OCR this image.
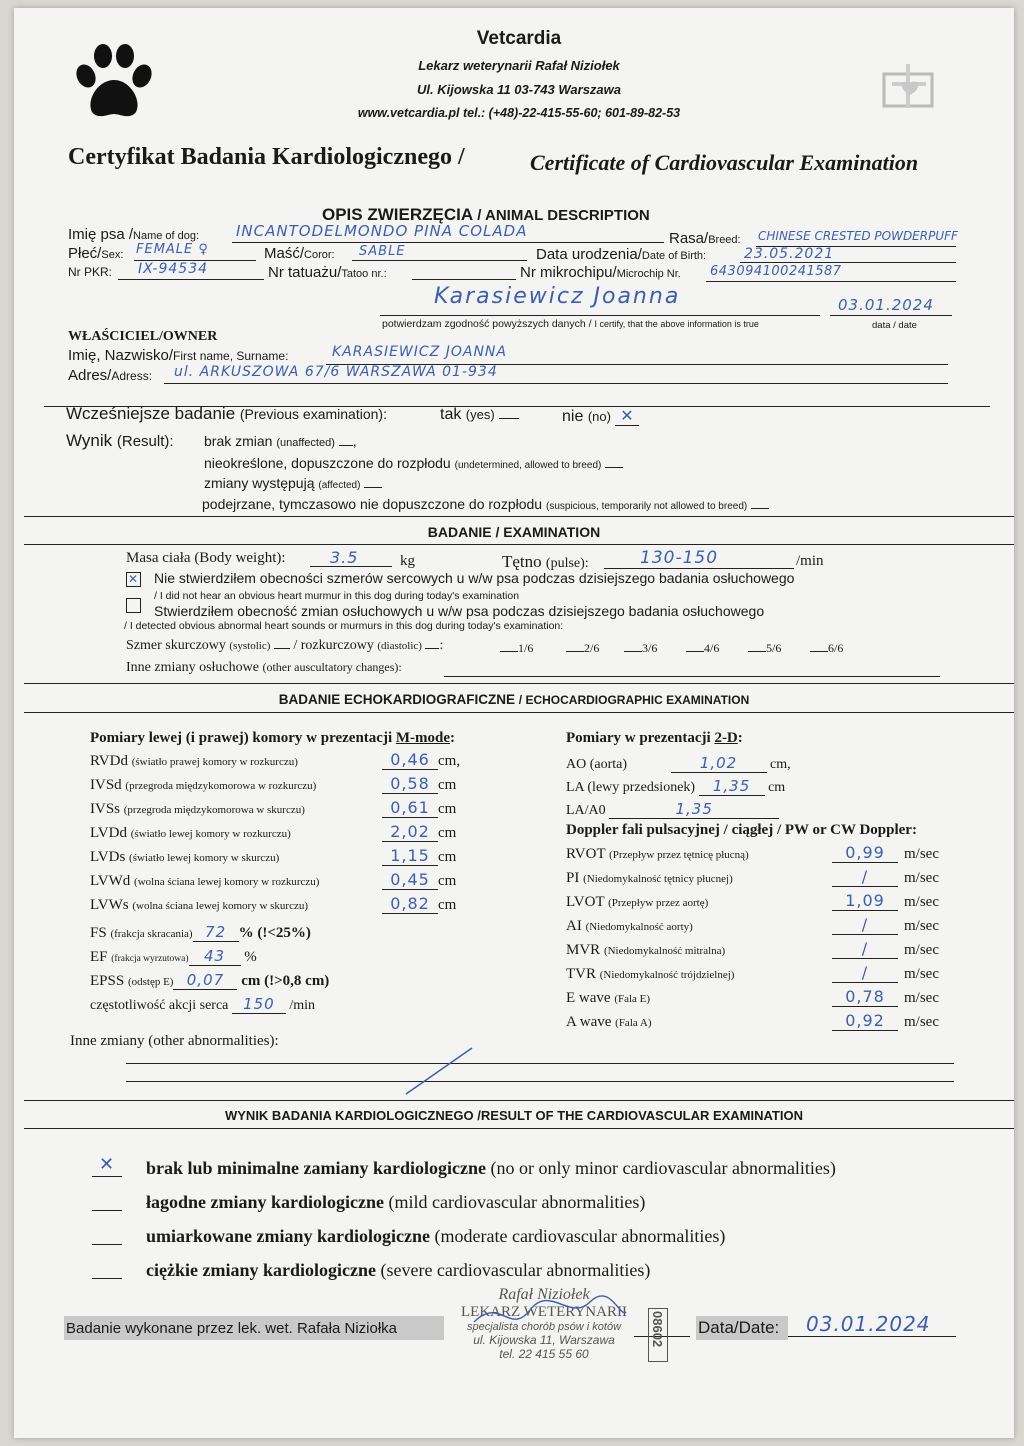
Vetcardia
Lekarz weterynarii Rafał Niziołek
Ul. Kijowska 11 03-743 Warszawa
www.vetcardia.pl tel.: (+48)-22-415-55-60; 601-89-82-53
Certyfikat Badania Kardiologicznego /	Certificate of Cardiovascular Examination
OPIS ZWIERZĘCIA / ANIMAL DESCRIPTION
Imię psa /Name of dog: INCANTODELMONDO PINA COLADA	Rasa/Breed: CHINESE CRESTED POWDERPUFF
Płeć/Sex: FEMALE ♀	Maść/Coror: SABLE	Data urodzenia/Date of Birth:	23.05.2021
Nr PKR: IX-94534	Nr tatuażu/Tatoo nr.:	Nr mikrochipu/Microchip Nr. 643094100241587
Karasiewicz Joanna	03.01.2024
potwierdzam zgodność powyższych danych / I certify, that the above information is true	data / date
WŁAŚCICIEL/OWNER
Imię, Nazwisko/First name, Surname:	KARASIEWICZ JOANNA
Adres/Adress: ul. ARKUSZOWA 67/6 WARSZAWA 01-934
Wcześniejsze badanie (Previous examination):	tak (yes)	nie (no) ✕
Wynik (Result): brak zmian (unaffected) ,
nieokreślone, dopuszczone do rozpłodu (undetermined, allowed to breed)
zmiany występują (affected)
podejrzane, tymczasowo nie dopuszczone do rozpłodu (suspicious, temporarily not allowed to breed)
BADANIE / EXAMINATION
Masa ciała (Body weight):	3.5	kg	Tętno (pulse):	130-150	/min
✕ Nie stwierdziłem obecności szmerów sercowych u w/w psa podczas dzisiejszego badania osłuchowego
/ I did not hear an obvious heart murmur in this dog during today's examination
Stwierdziłem obecność zmian osłuchowych u w/w psa podczas dzisiejszego badania osłuchowego
/ I detected obvious abnormal heart sounds or murmurs in this dog during today's examination:
Szmer skurczowy (systolic) / rozkurczowy (diastolic) :	1/6	2/6	3/6	4/6	5/6	6/6
Inne zmiany osłuchowe (other auscultatory changes):
BADANIE ECHOKARDIOGRAFICZNE / ECHOCARDIOGRAPHIC EXAMINATION
Pomiary lewej (i prawej) komory w prezentacji M-mode:
RVDd (światło prawej komory w rozkurczu)	0,46 cm,
IVSd (przegroda międzykomorowa w rozkurczu)	0,58 cm
IVSs (przegroda międzykomorowa w skurczu)	0,61 cm
LVDd (światło lewej komory w rozkurczu)	2,02 cm
LVDs (światło lewej komory w skurczu)	1,15 cm
LVWd (wolna ściana lewej komory w rozkurczu)	0,45 cm
LVWs (wolna ściana lewej komory w skurczu)	0,82 cm
FS (frakcja skracania) 72 % (!<25%)
EF (frakcja wyrzutowa) 43 %
EPSS (odstęp E) 0,07 cm (!>0,8 cm)
częstotliwość akcji serca 150 /min
Pomiary w prezentacji 2-D:
AO (aorta)	1,02 cm,
LA (lewy przedsionek) 1,35 cm
LA/A0	1,35
Doppler fali pulsacyjnej / ciągłej / PW or CW Doppler:
RVOT (Przepływ przez tętnicę płucną)	0,99	m/sec
PI (Niedomykalność tętnicy płucnej)	/	m/sec
LVOT (Przepływ przez aortę)	1,09	m/sec
AI (Niedomykalność aorty)	/	m/sec
MVR (Niedomykalność mitralna)	/	m/sec
TVR (Niedomykalność trójdzielnej)	/	m/sec
E wave (Fala E)	0,78	m/sec
A wave (Fala A)	0,92	m/sec
Inne zmiany (other abnormalities):
WYNIK BADANIA KARDIOLOGICZNEGO /RESULT OF THE CARDIOVASCULAR EXAMINATION
✕	brak lub minimalne zamiany kardiologiczne (no or only minor cardiovascular abnormalities)
łagodne zmiany kardiologiczne (mild cardiovascular abnormalities)
umiarkowane zmiany kardiologiczne (moderate cardiovascular abnormalities)
ciężkie zmiany kardiologiczne (severe cardiovascular abnormalities)
Badanie wykonane przez lek. wet. Rafała Niziołka	Data/Date: 03.01.2024
Rafał Niziołek
LEKARZ WETERYNARII
specjalista chorób psów i kotów
ul. Kijowska 11, Warszawa
tel. 22 415 55 60
08602
